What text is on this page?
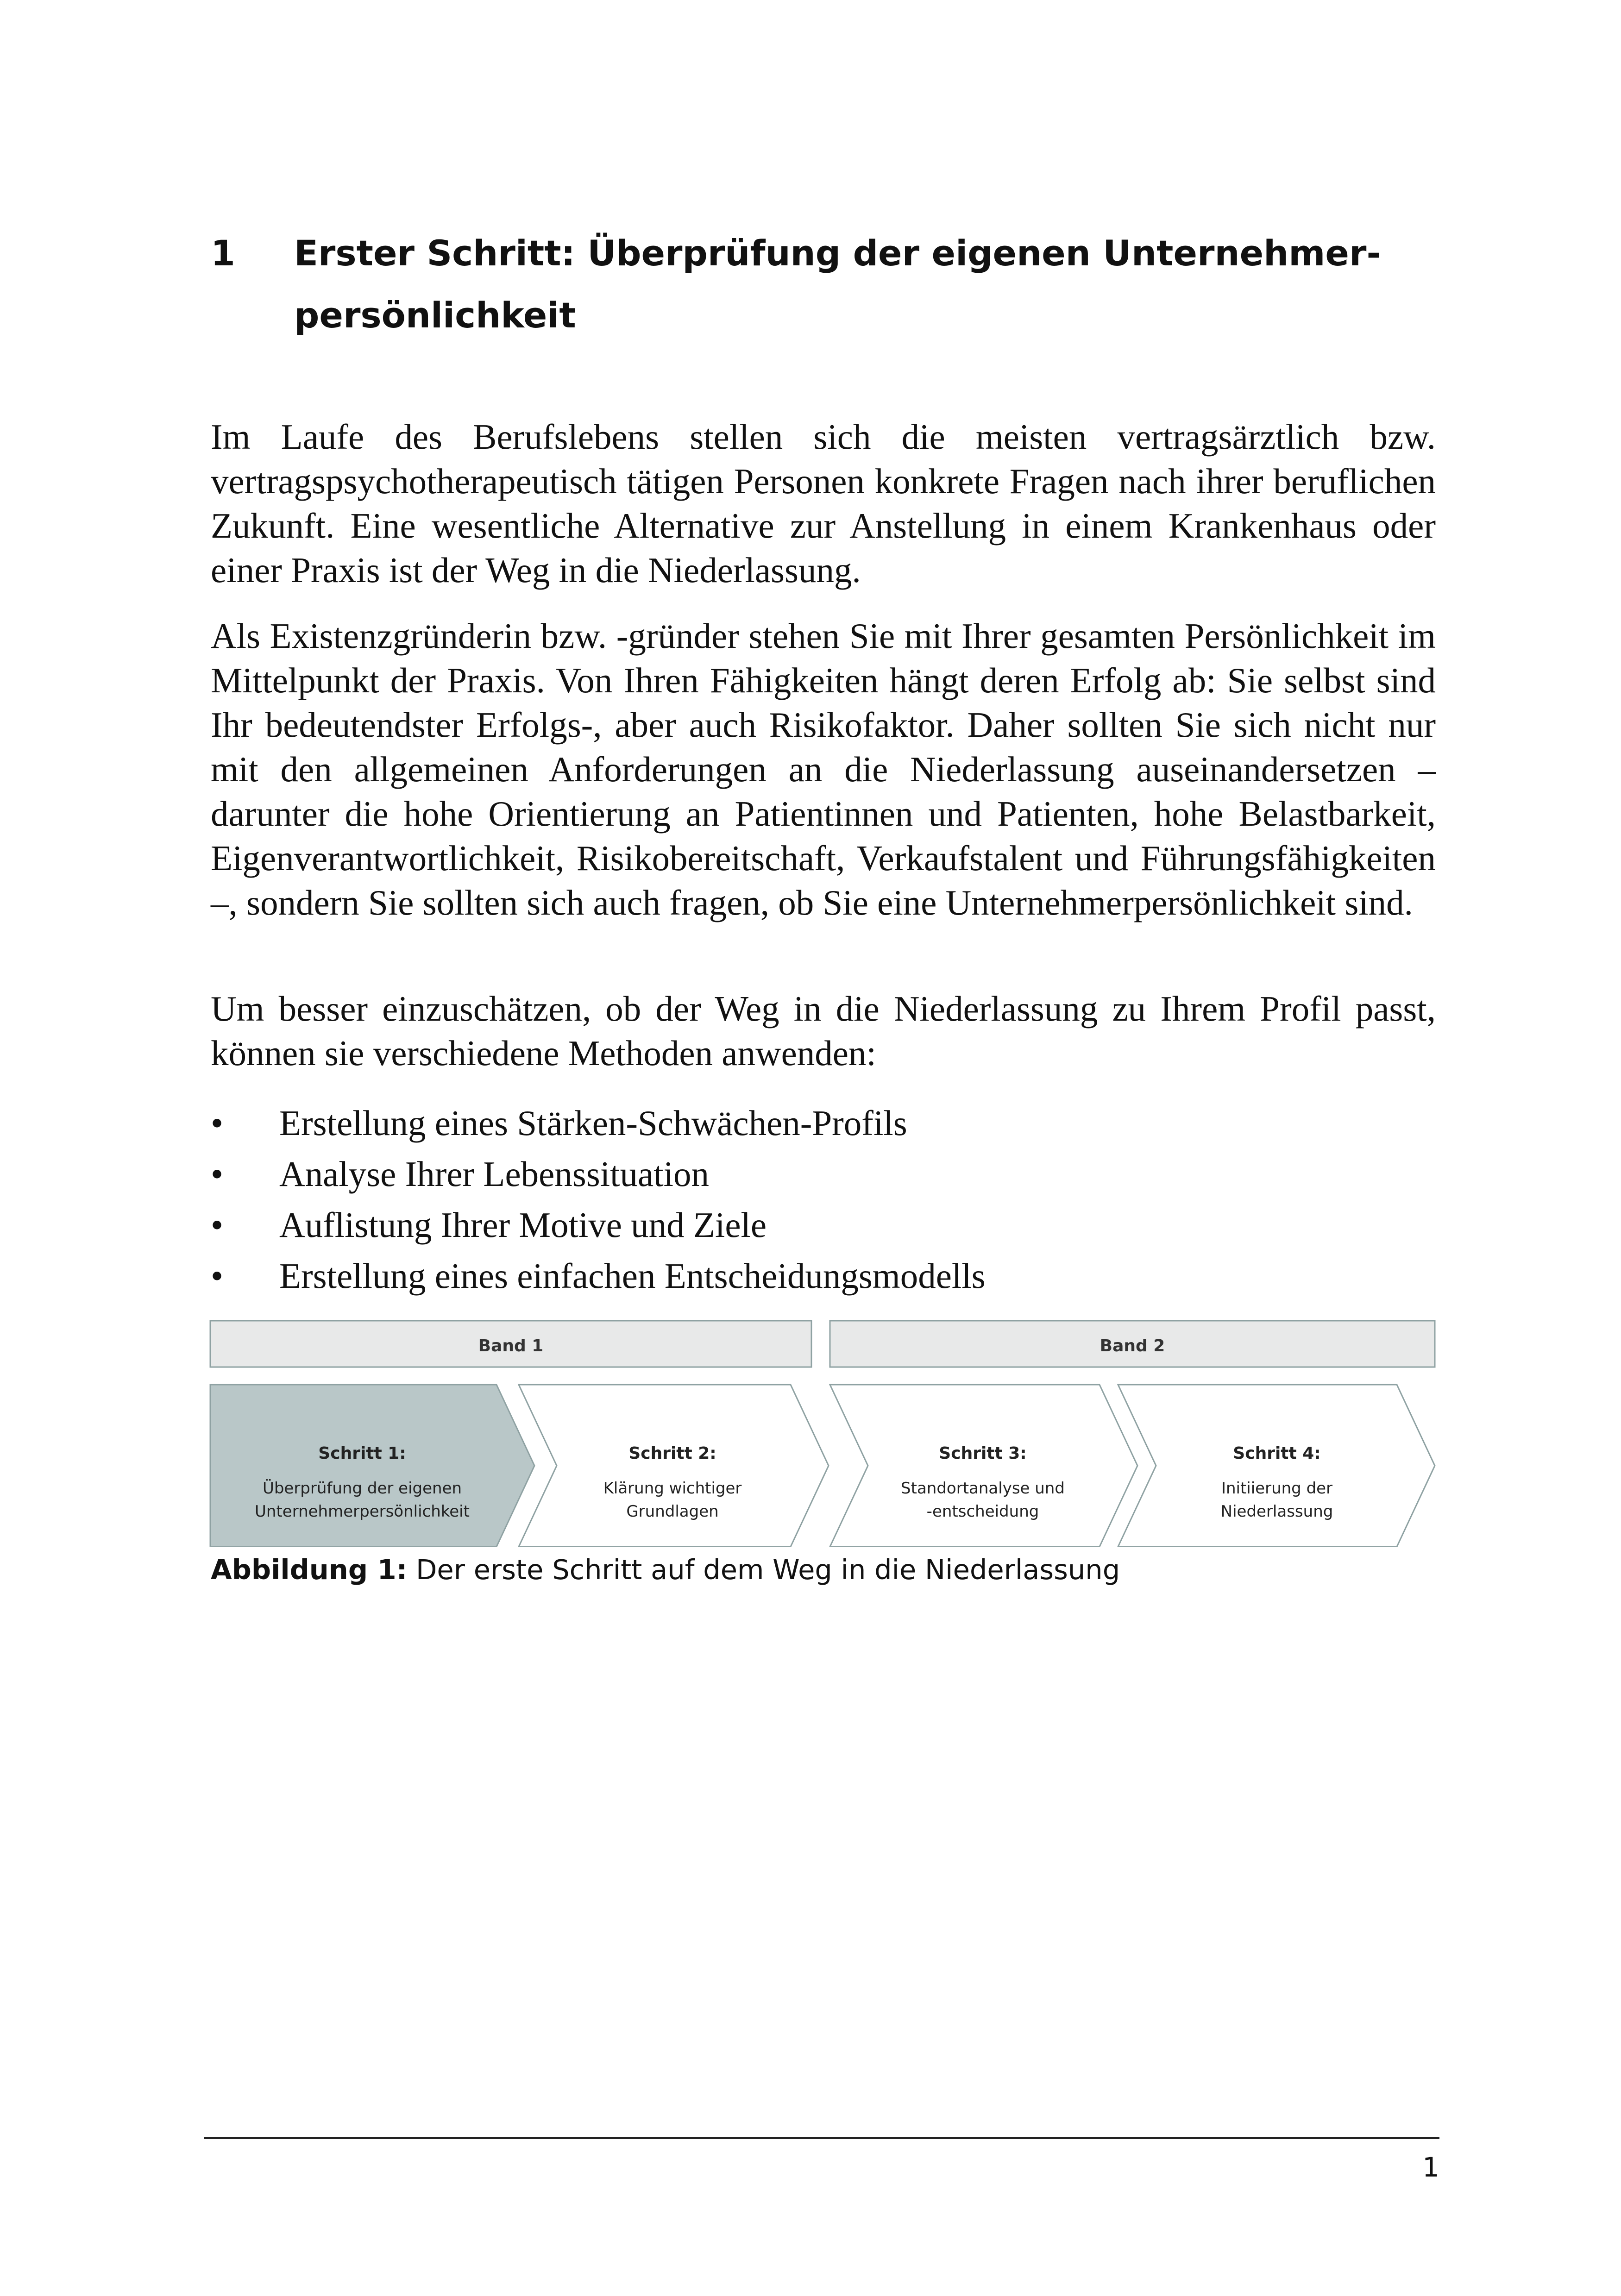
1 Erster Schritt: Überprüfung der eigenen Unternehmer-persönlichkeit

Im Laufe des Berufslebens stellen sich die meisten vertragsärztlich bzw. vertragspsychotherapeutisch tätigen Personen konkrete Fragen nach ihrer beruflichen Zukunft. Eine wesentliche Alternative zur Anstellung in einem Krankenhaus oder einer Praxis ist der Weg in die Niederlassung.

Als Existenzgründerin bzw. -gründer stehen Sie mit Ihrer gesamten Persönlichkeit im Mittelpunkt der Praxis. Von Ihren Fähigkeiten hängt deren Erfolg ab: Sie selbst sind Ihr bedeutendster Erfolgs-, aber auch Risikofaktor. Daher sollten Sie sich nicht nur mit den allgemeinen Anforderungen an die Niederlassung auseinandersetzen – darunter die hohe Orientierung an Patientinnen und Patienten, hohe Belastbarkeit, Eigenverantwortlichkeit, Risikobereitschaft, Verkaufstalent und Führungsfähigkeiten –, sondern Sie sollten sich auch fragen, ob Sie eine Unternehmerpersönlichkeit sind.

Um besser einzuschätzen, ob der Weg in die Niederlassung zu Ihrem Profil passt, können sie verschiedene Methoden anwenden:

• Erstellung eines Stärken-Schwächen-Profils
• Analyse Ihrer Lebenssituation
• Auflistung Ihrer Motive und Ziele
• Erstellung eines einfachen Entscheidungsmodells
Band 1	Band 2
Schritt 1:
Überprüfung der eigenen
Unternehmerpersönlichkeit
Schritt 2:
Klärung wichtiger
Grundlagen
Schritt 3:
Standortanalyse und
-entscheidung
Schritt 4:
Initiierung der
Niederlassung
Abbildung 1: Der erste Schritt auf dem Weg in die Niederlassung
1
